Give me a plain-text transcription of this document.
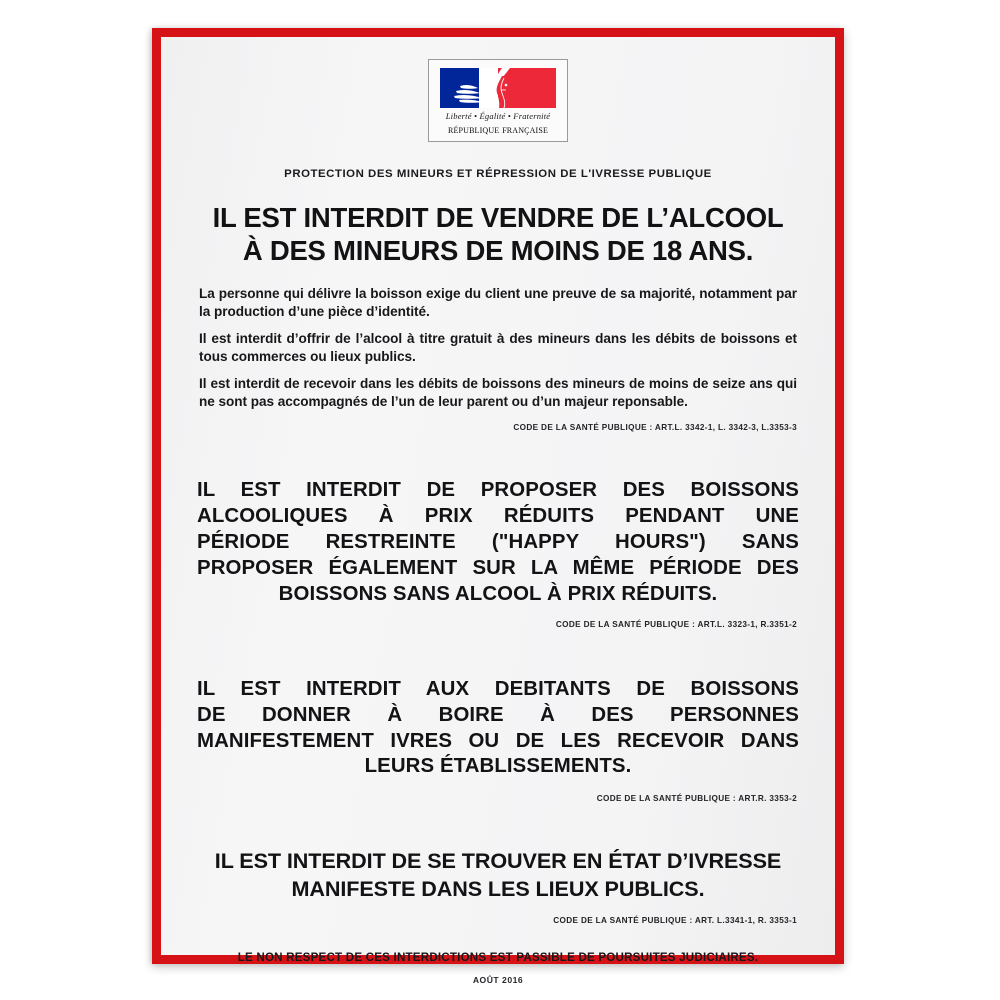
Liberté • Égalité • Fraternité
république française
PROTECTION DES MINEURS ET RÉPRESSION DE L'IVRESSE PUBLIQUE
IL EST INTERDIT DE VENDRE DE L’ALCOOL
À DES MINEURS DE MOINS DE 18 ANS.

La personne qui délivre la boisson exige du client une preuve de sa majorité, notamment par la production d’une pièce d’identité.

Il est interdit d’offrir de l’alcool à titre gratuit à des mineurs dans les débits de boissons et tous commerces ou lieux publics.

Il est interdit de recevoir dans les débits de boissons des mineurs de moins de seize ans qui ne sont pas accompagnés de l’un de leur parent ou d’un majeur reponsable.

CODE DE LA SANTÉ PUBLIQUE : ART.L. 3342-1, L. 3342-3, L.3353-3
IL EST INTERDIT DE PROPOSER DES BOISSONS
ALCOOLIQUES À PRIX RÉDUITS PENDANT UNE
PÉRIODE RESTREINTE ("HAPPY HOURS") SANS
PROPOSER ÉGALEMENT SUR LA MÊME PÉRIODE DES
BOISSONS SANS ALCOOL À PRIX RÉDUITS.
CODE DE LA SANTÉ PUBLIQUE : ART.L. 3323-1, R.3351-2
IL EST INTERDIT AUX DEBITANTS DE BOISSONS
DE DONNER À BOIRE À DES PERSONNES
MANIFESTEMENT IVRES OU DE LES RECEVOIR DANS
LEURS ÉTABLISSEMENTS.
CODE DE LA SANTÉ PUBLIQUE : ART.R. 3353-2
IL EST INTERDIT DE SE TROUVER EN ÉTAT D’IVRESSE
MANIFESTE DANS LES LIEUX PUBLICS.
CODE DE LA SANTÉ PUBLIQUE : ART. L.3341-1, R. 3353-1
LE NON RESPECT DE CES INTERDICTIONS EST PASSIBLE DE POURSUITES JUDICIAIRES.
AOÛT 2016
